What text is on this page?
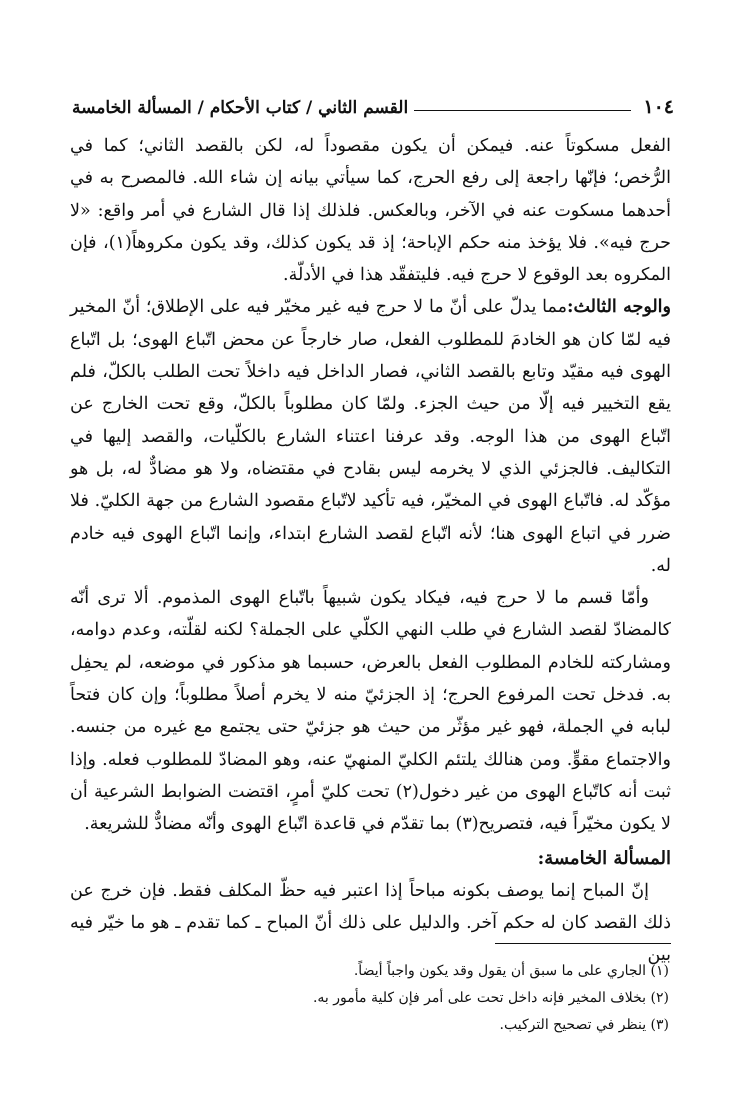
١٠٤
القسم الثاني / كتاب الأحكام / المسألة الخامسة

الفعل مسكوتاً عنه. فيمكن أن يكون مقصوداً له، لكن بالقصد الثاني؛ كما في الرُّخص؛ فإنّها راجعة إلى رفع الحرج، كما سيأتي بيانه إن شاء الله. فالمصرح به في أحدهما مسكوت عنه في الآخر، وبالعكس. فلذلك إذا قال الشارع في أمر واقع: «لا حرج فيه». فلا يؤخذ منه حكم الإباحة؛ إذ قد يكون كذلك، وقد يكون مكروهاً(١)، فإن المكروه بعد الوقوع لا حرج فيه. فليتفقّد هذا في الأدلّة.

والوجه الثالث:مما يدلّ على أنّ ما لا حرج فيه غير مخيّر فيه على الإطلاق؛ أنّ المخير فيه لمّا كان هو الخادمَ للمطلوب الفعل، صار خارجاً عن محض اتّباع الهوى؛ بل اتّباع الهوى فيه مقيّد وتابع بالقصد الثاني، فصار الداخل فيه داخلاً تحت الطلب بالكلّ، فلم يقع التخيير فيه إلّا من حيث الجزء. ولمّا كان مطلوباً بالكلّ، وقع تحت الخارج عن اتّباع الهوى من هذا الوجه. وقد عرفنا اعتناء الشارع بالكلّيات، والقصد إليها في التكاليف. فالجزئي الذي لا يخرمه ليس بقادح في مقتضاه، ولا هو مضادٌّ له، بل هو مؤكّد له. فاتّباع الهوى في المخيّر، فيه تأكيد لاتّباع مقصود الشارع من جهة الكليّ. فلا ضرر في اتباع الهوى هنا؛ لأنه اتّباع لقصد الشارع ابتداء، وإنما اتّباع الهوى فيه خادم له.

وأمّا قسم ما لا حرج فيه، فيكاد يكون شبيهاً باتّباع الهوى المذموم. ألا ترى أنّه كالمضادّ لقصد الشارع في طلب النهي الكلّي على الجملة؟ لكنه لقلّته، وعدم دوامه، ومشاركته للخادم المطلوب الفعل بالعرض، حسبما هو مذكور في موضعه، لم يحفِل به. فدخل تحت المرفوع الحرج؛ إذ الجزئيّ منه لا يخرم أصلاً مطلوباً؛ وإن كان فتحاً لبابه في الجملة، فهو غير مؤثّر من حيث هو جزئيّ حتى يجتمع مع غيره من جنسه. والاجتماع مقوٍّ. ومن هنالك يلتئم الكليّ المنهيّ عنه، وهو المضادّ للمطلوب فعله. وإذا ثبت أنه كاتّباع الهوى من غير دخول(٢) تحت كليّ أمرٍ، اقتضت الضوابط الشرعية أن لا يكون مخيّراً فيه، فتصريح(٣) بما تقدّم في قاعدة اتّباع الهوى وأنّه مضادٌّ للشريعة.

المسألة الخامسة:

إنّ المباح إنما يوصف بكونه مباحاً إذا اعتبر فيه حظّ المكلف فقط. فإن خرج عن ذلك القصد كان له حكم آخر. والدليل على ذلك أنّ المباح ـ كما تقدم ـ هو ما خيّر فيه بين

(١) الجاري على ما سبق أن يقول وقد يكون واجباً أيضاً.
(٢) بخلاف المخير فإنه داخل تحت على أمر فإن كلية مأمور به.
(٣) ينظر في تصحيح التركيب.
